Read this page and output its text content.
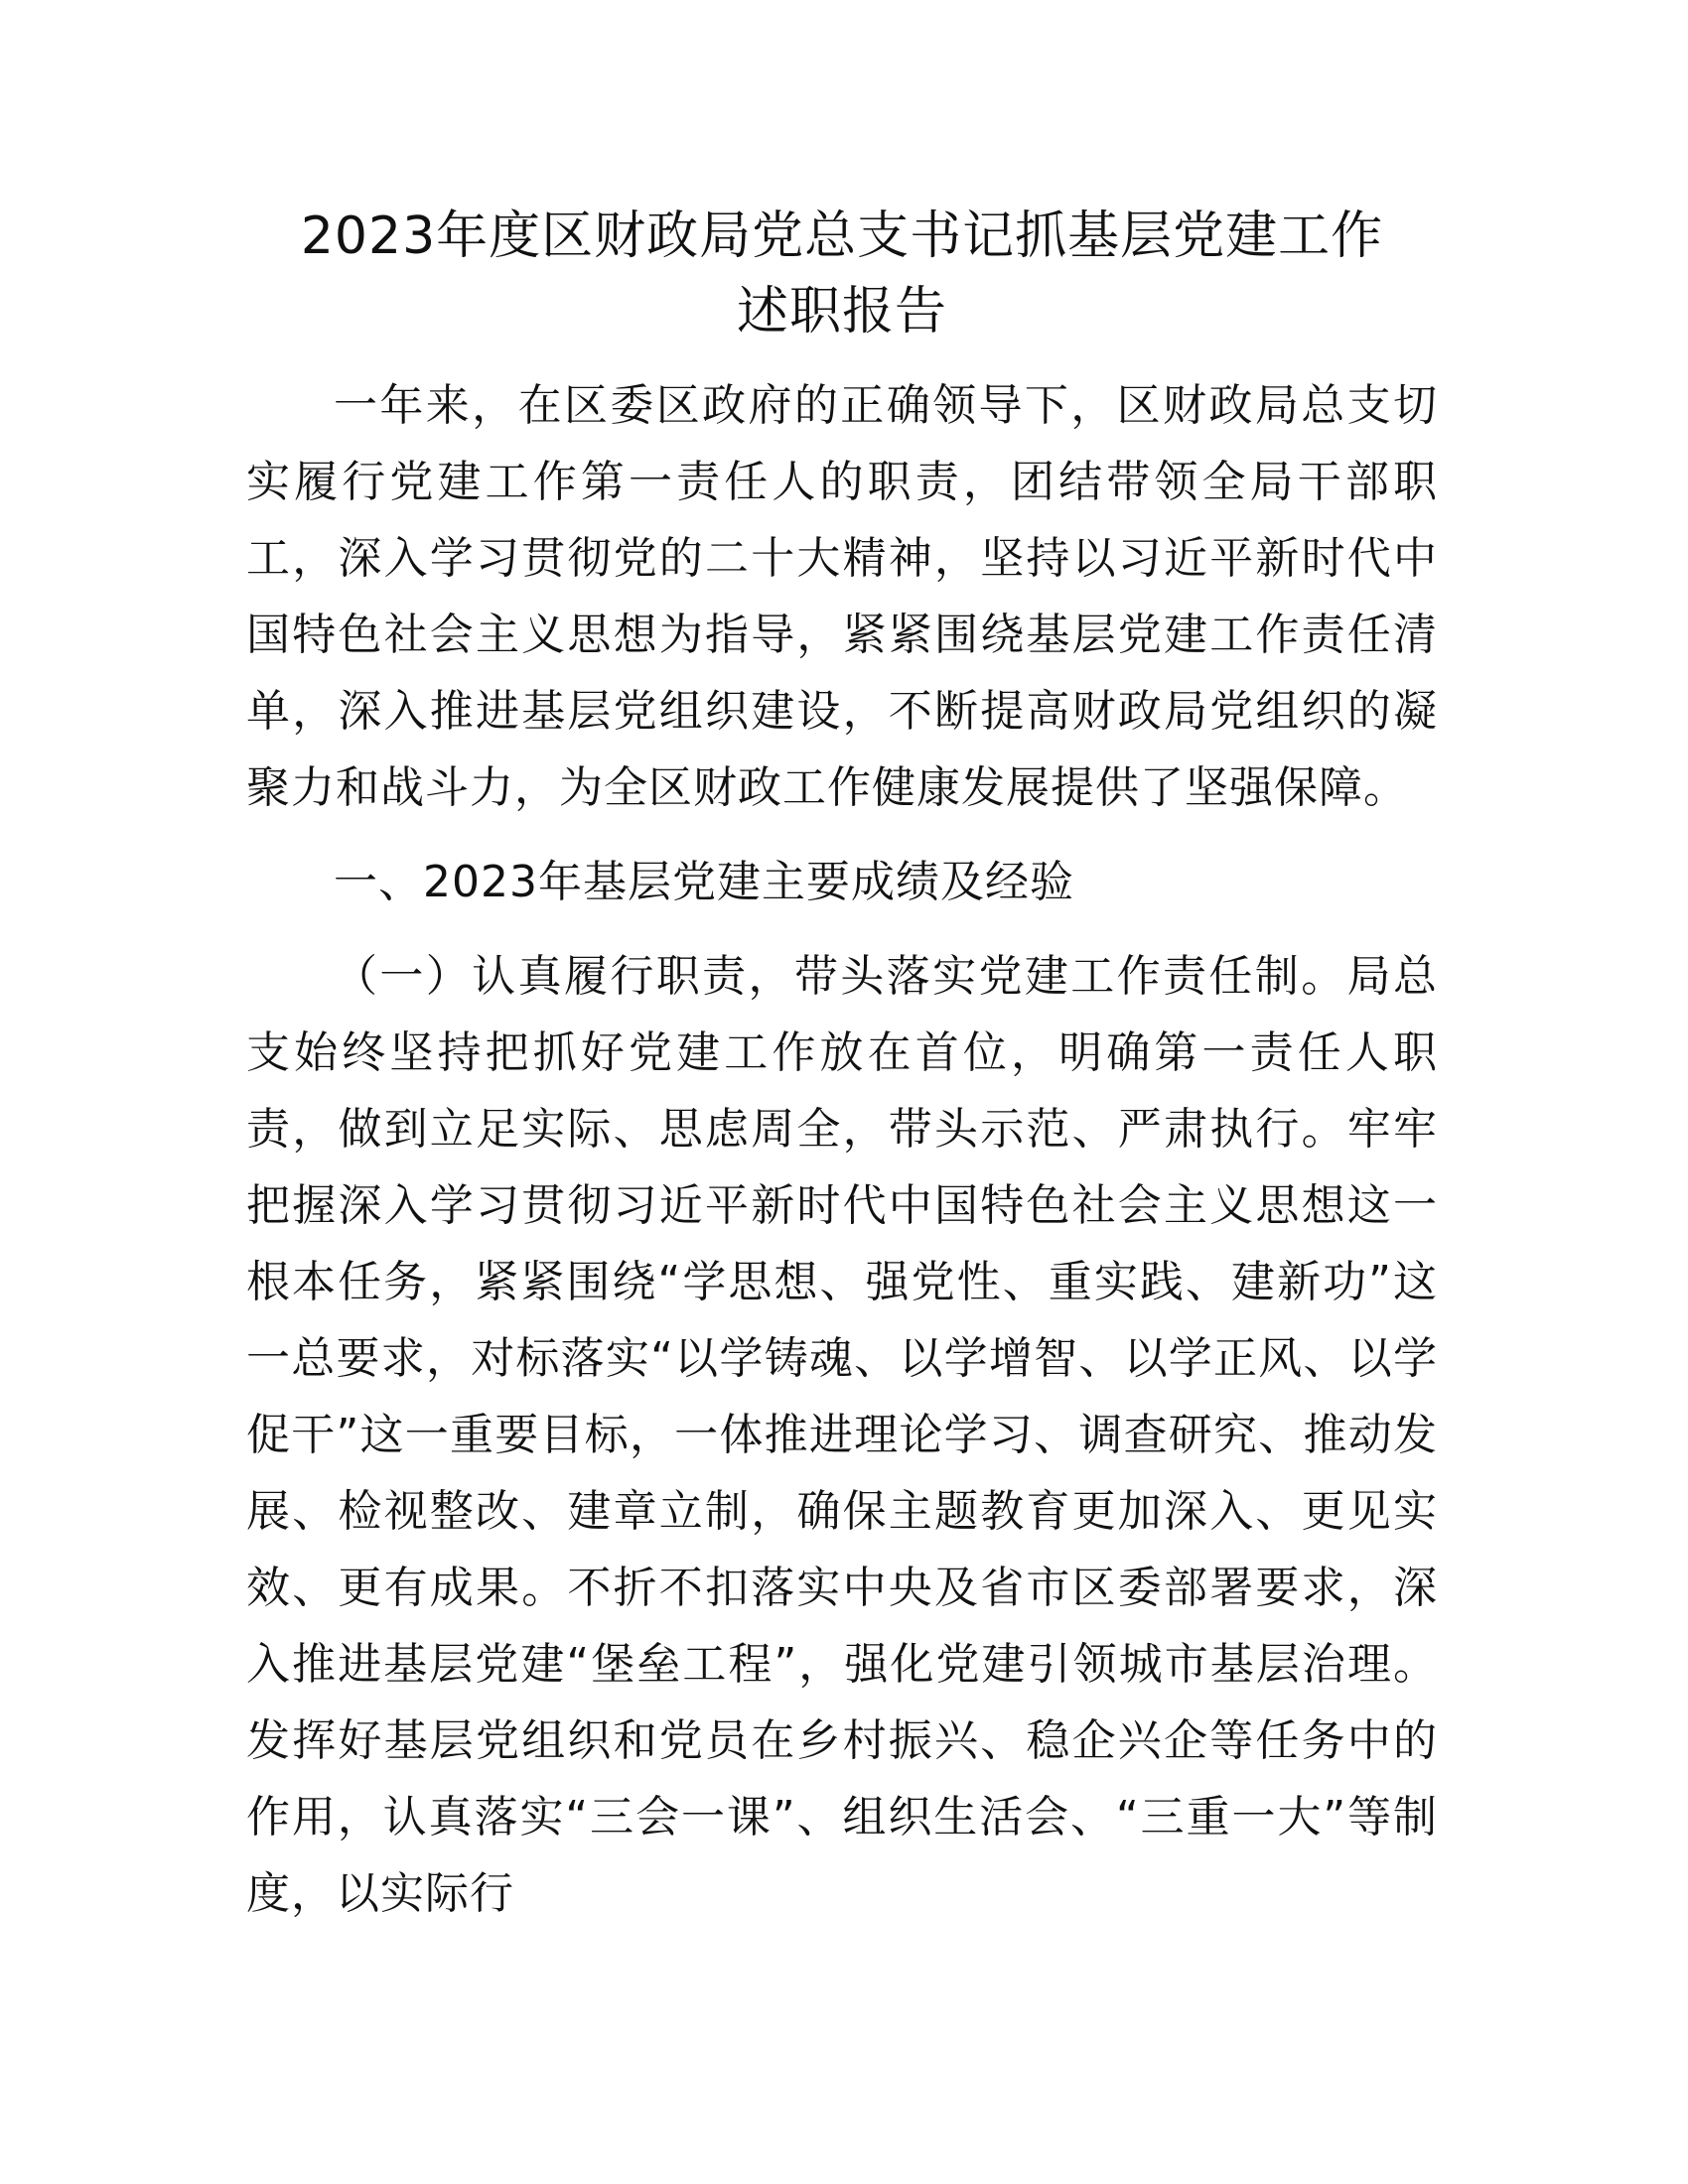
2023年度区财政局党总支书记抓基层党建工作
述职报告

一年来，在区委区政府的正确领导下，区财政局总支切实履行党建工作第一责任人的职责，团结带领全局干部职工，深入学习贯彻党的二十大精神，坚持以习近平新时代中国特色社会主义思想为指导，紧紧围绕基层党建工作责任清单，深入推进基层党组织建设，不断提高财政局党组织的凝聚力和战斗力，为全区财政工作健康发展提供了坚强保障。

一、2023年基层党建主要成绩及经验

（一）认真履行职责，带头落实党建工作责任制。局总支始终坚持把抓好党建工作放在首位，明确第一责任人职责，做到立足实际、思虑周全，带头示范、严肃执行。牢牢把握深入学习贯彻习近平新时代中国特色社会主义思想这一根本任务，紧紧围绕“学思想、强党性、重实践、建新功”这一总要求，对标落实“以学铸魂、以学增智、以学正风、以学促干”这一重要目标，一体推进理论学习、调查研究、推动发展、检视整改、建章立制，确保主题教育更加深入、更见实效、更有成果。不折不扣落实中央及省市区委部署要求，深入推进基层党建“堡垒工程”，强化党建引领城市基层治理。发挥好基层党组织和党员在乡村振兴、稳企兴企等任务中的作用，认真落实“三会一课”、组织生活会、“三重一大”等制度，以实际行
